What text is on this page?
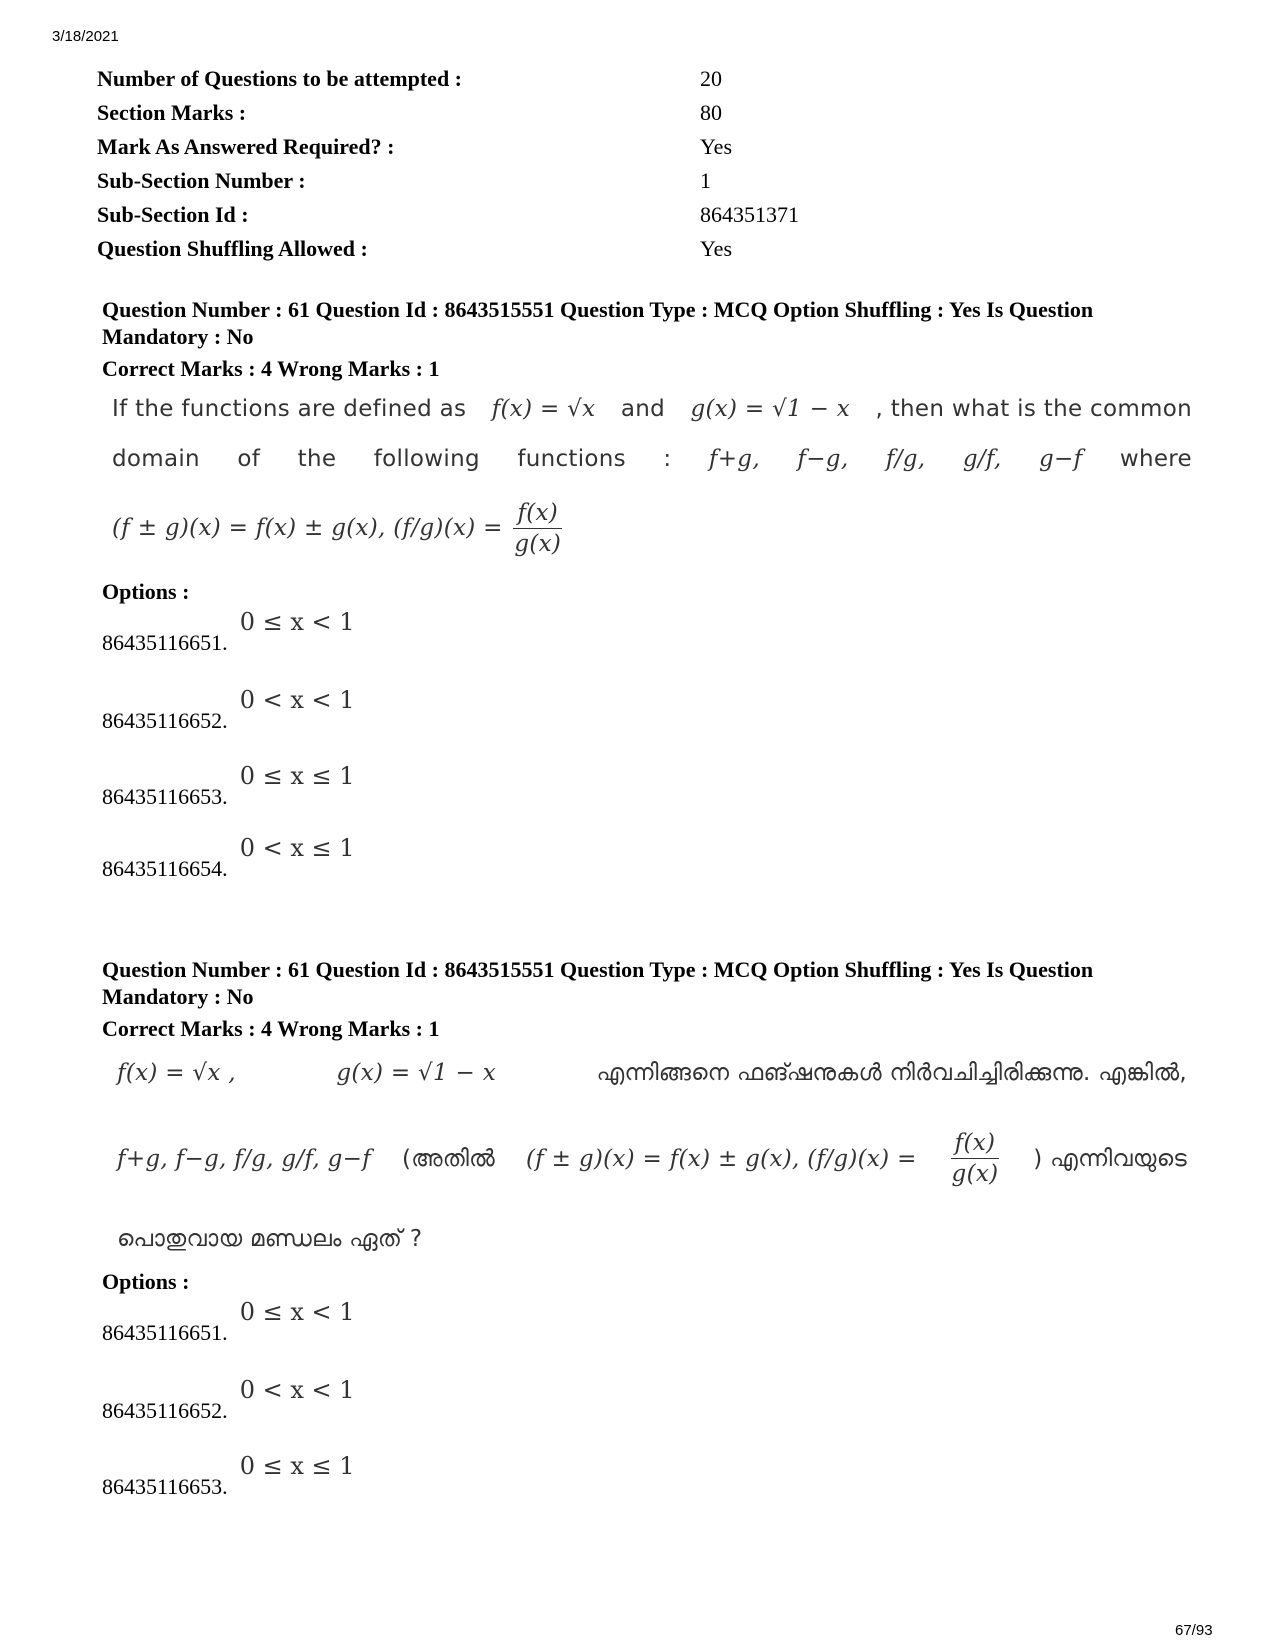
3/18/2021
Number of Questions to be attempted :	20
Section Marks :	80
Mark As Answered Required? :	Yes
Sub-Section Number :	1
Sub-Section Id :	864351371
Question Shuffling Allowed :	Yes
Question Number : 61 Question Id : 8643515551 Question Type : MCQ Option Shuffling : Yes Is Question Mandatory : No
Correct Marks : 4 Wrong Marks : 1
If the functions are defined as f(x) = √x and g(x) = √1 − x , then what is the common
domain of the following functions : f+g, f−g, f/g, g/f, g−f where
(f ± g)(x) = f(x) ± g(x), $(f/g)(x) = \frac{f(x)}{g(x)}$
Options :
86435116651.
0 ≤ x < 1
86435116652.
0 < x < 1
86435116653.
0 ≤ x ≤ 1
86435116654.
0 < x ≤ 1
Question Number : 61 Question Id : 8643515551 Question Type : MCQ Option Shuffling : Yes Is Question Mandatory : No
Correct Marks : 4 Wrong Marks : 1
f(x) = √x ,	g(x) = √1 − x	എന്നിങ്ങനെ ഫങ്ഷനുകൾ നിർവചിച്ചിരിക്കുന്നു. എങ്കിൽ,
f+g, f−g, f/g, g/f, g−f (അതിൽ (f ± g)(x) = f(x) ± g(x), $(f/g)(x) = \frac{f(x)}{g(x)}$ ) എന്നിവയുടെ
പൊതുവായ മണ്ഡലം ഏത് ?
Options :
86435116651.
0 ≤ x < 1
86435116652.
0 < x < 1
86435116653.
0 ≤ x ≤ 1
67/93
